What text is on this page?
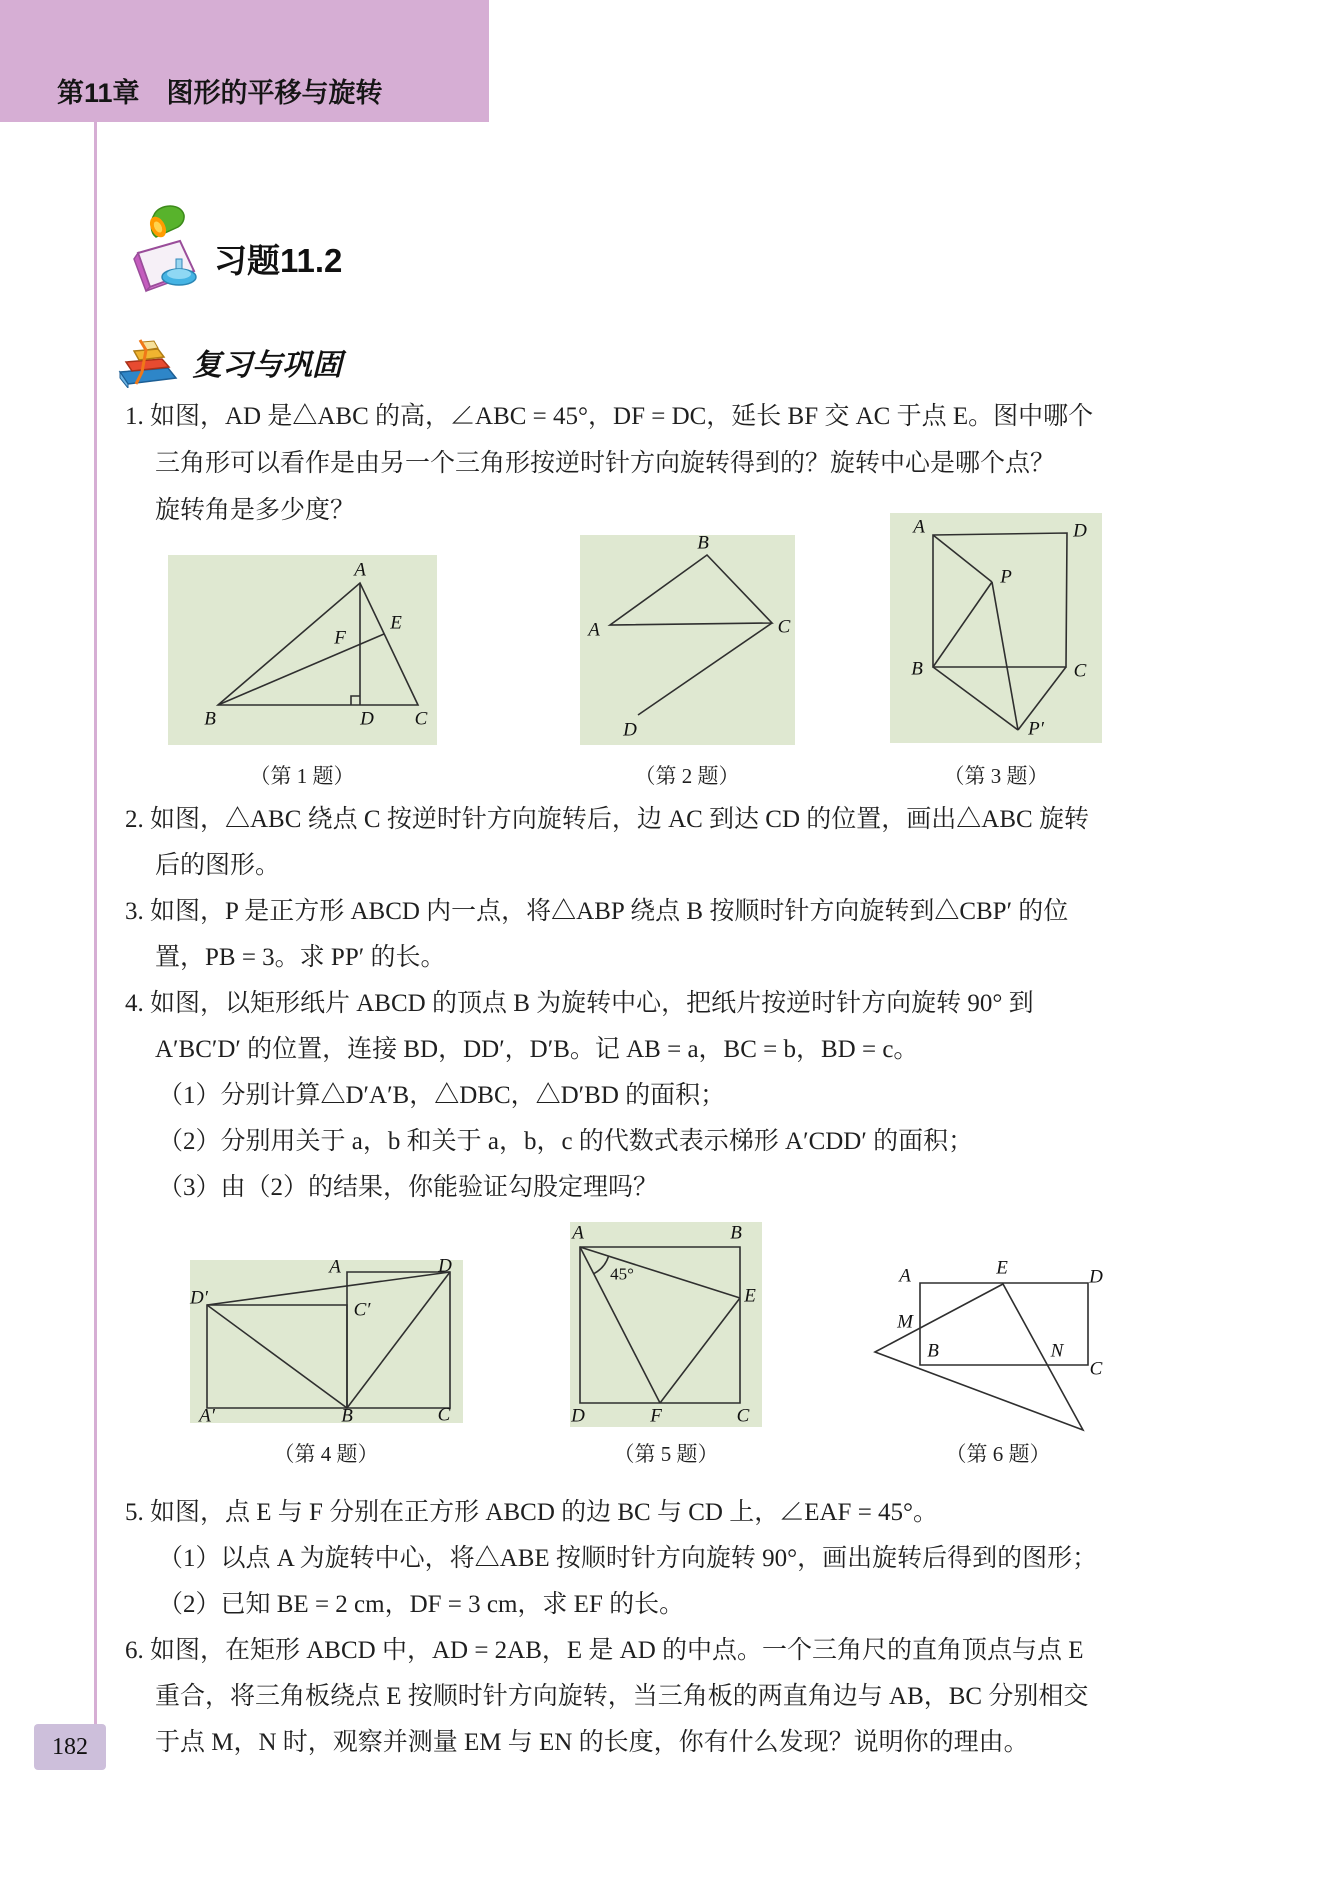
第11章　图形的平移与旋转
习题11.2
复习与巩固
1. 如图，AD 是△ABC 的高，∠ABC = 45°，DF = DC，延长 BF 交 AC 于点 E。图中哪个
三角形可以看作是由另一个三角形按逆时针方向旋转得到的？旋转中心是哪个点？
旋转角是多少度？
A
B	C
D
E
F
（第 1 题）
A
B
C
D
（第 2 题）
A	D
P
B	C
P′
（第 3 题）
2. 如图，△ABC 绕点 C 按逆时针方向旋转后，边 AC 到达 CD 的位置，画出△ABC 旋转
后的图形。
3. 如图，P 是正方形 ABCD 内一点，将△ABP 绕点 B 按顺时针方向旋转到△CBP′ 的位
置，PB = 3。求 PP′ 的长。
4. 如图，以矩形纸片 ABCD 的顶点 B 为旋转中心，把纸片按逆时针方向旋转 90° 到
A′BC′D′ 的位置，连接 BD，DD′，D′B。记 AB = a，BC = b，BD = c。
（1）分别计算△D′A′B，△DBC，△D′BD 的面积；
（2）分别用关于 a，b 和关于 a，b，c 的代数式表示梯形 A′CDD′ 的面积；
（3）由（2）的结果，你能验证勾股定理吗？
A	D
D′
C′
A′	B	C
（第 4 题）
A	B
45°
E
D	F	C
（第 5 题）
A	E	D
M
B	N
C
（第 6 题）
5. 如图，点 E 与 F 分别在正方形 ABCD 的边 BC 与 CD 上，∠EAF = 45°。
（1）以点 A 为旋转中心，将△ABE 按顺时针方向旋转 90°，画出旋转后得到的图形；
（2）已知 BE = 2 cm，DF = 3 cm，求 EF 的长。
6. 如图，在矩形 ABCD 中，AD = 2AB，E 是 AD 的中点。一个三角尺的直角顶点与点 E
重合，将三角板绕点 E 按顺时针方向旋转，当三角板的两直角边与 AB，BC 分别相交
于点 M，N 时，观察并测量 EM 与 EN 的长度，你有什么发现？说明你的理由。
182
